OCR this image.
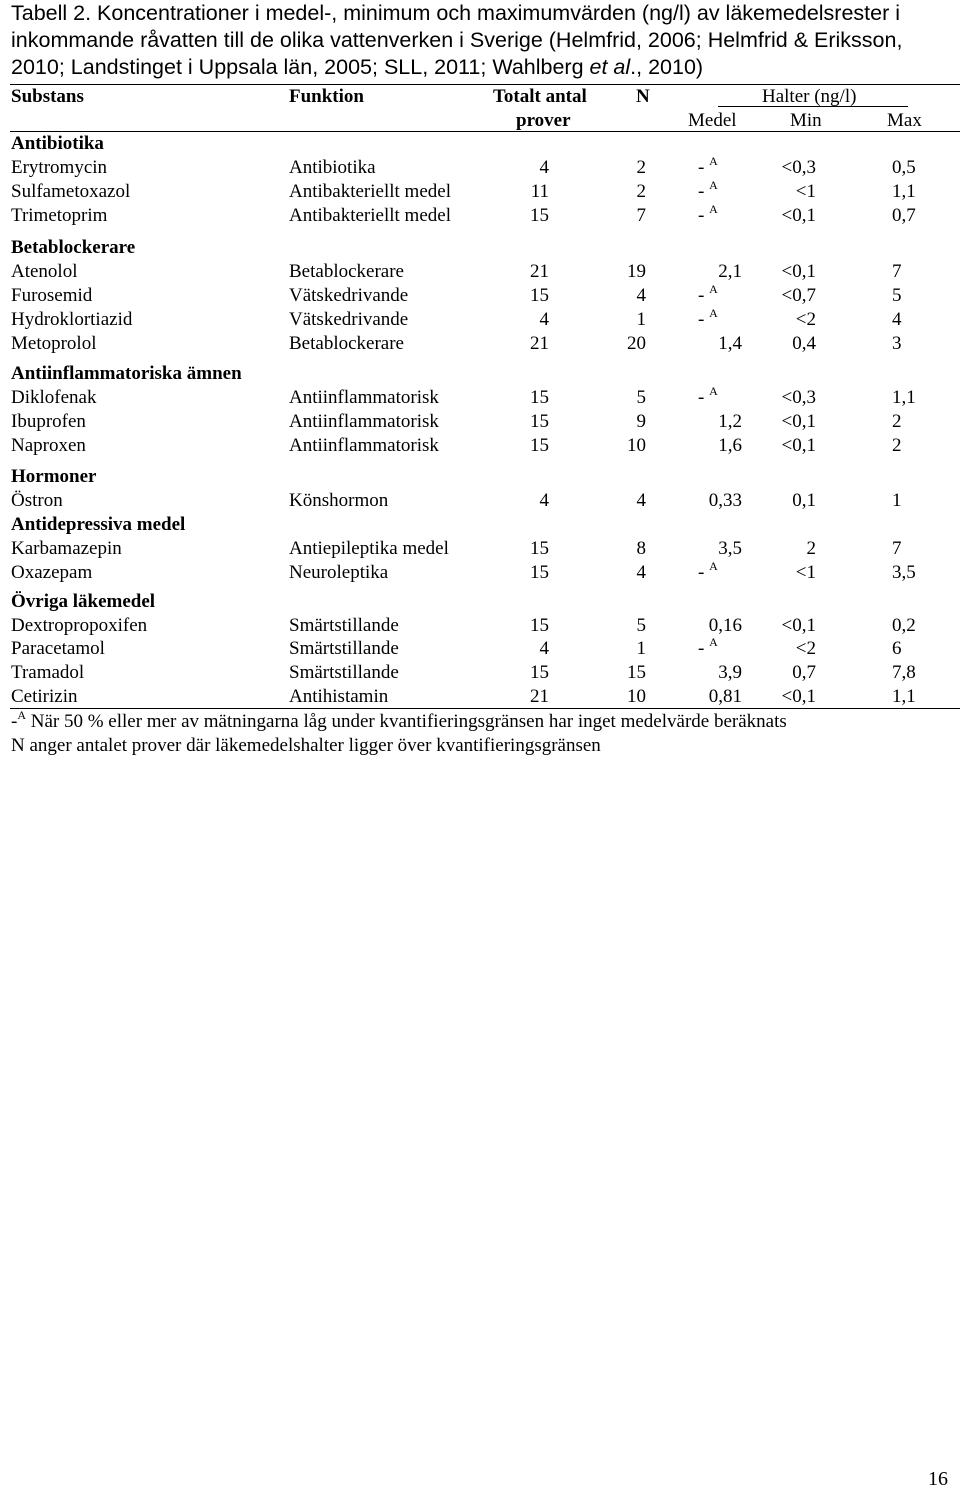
Tabell 2. Koncentrationer i medel-, minimum och maximumvärden (ng/l) av läkemedelsrester i inkommande råvatten till de olika vattenverken i Sverige (Helmfrid, 2006; Helmfrid & Eriksson, 2010; Landstinget i Uppsala län, 2005; SLL, 2011; Wahlberg et al., 2010)
Substans	Funktion	Totalt antal
prover
N	Halter (ng/l)
Medel	Min	Max
Antibiotika
Erytromycin	Antibiotika	4	2	- $^A$	<0,3	0,5
Sulfametoxazol	Antibakteriellt medel	11	2	- $^A$	<1	1,1
Trimetoprim	Antibakteriellt medel	15	7	- $^A$	<0,1	0,7
Betablockerare
Atenolol	Betablockerare	21	19	2,1	<0,1	7
Furosemid	Vätskedrivande	15	4	- $^A$	<0,7	5
Hydroklortiazid	Vätskedrivande	4	1	- $^A$	<2	4
Metoprolol	Betablockerare	21	20	1,4	0,4	3
Antiinflammatoriska ämnen
Diklofenak	Antiinflammatorisk	15	5	- $^A$	<0,3	1,1
Ibuprofen	Antiinflammatorisk	15	9	1,2	<0,1	2
Naproxen	Antiinflammatorisk	15	10	1,6	<0,1	2
Hormoner
Östron	Könshormon	4	4	0,33	0,1	1
Antidepressiva medel
Karbamazepin	Antiepileptika medel	15	8	3,5	2	7
Oxazepam	Neuroleptika	15	4	- $^A$	<1	3,5
Övriga läkemedel
Dextropropoxifen	Smärtstillande	15	5	0,16	<0,1	0,2
Paracetamol	Smärtstillande	4	1	- $^A$	<2	6
Tramadol	Smärtstillande	15	15	3,9	0,7	7,8
Cetirizin	Antihistamin	21	10	0,81	<0,1	1,1
-$^A$ När 50 % eller mer av mätningarna låg under kvantifieringsgränsen har inget medelvärde beräknats
N anger antalet prover där läkemedelshalter ligger över kvantifieringsgränsen
16
